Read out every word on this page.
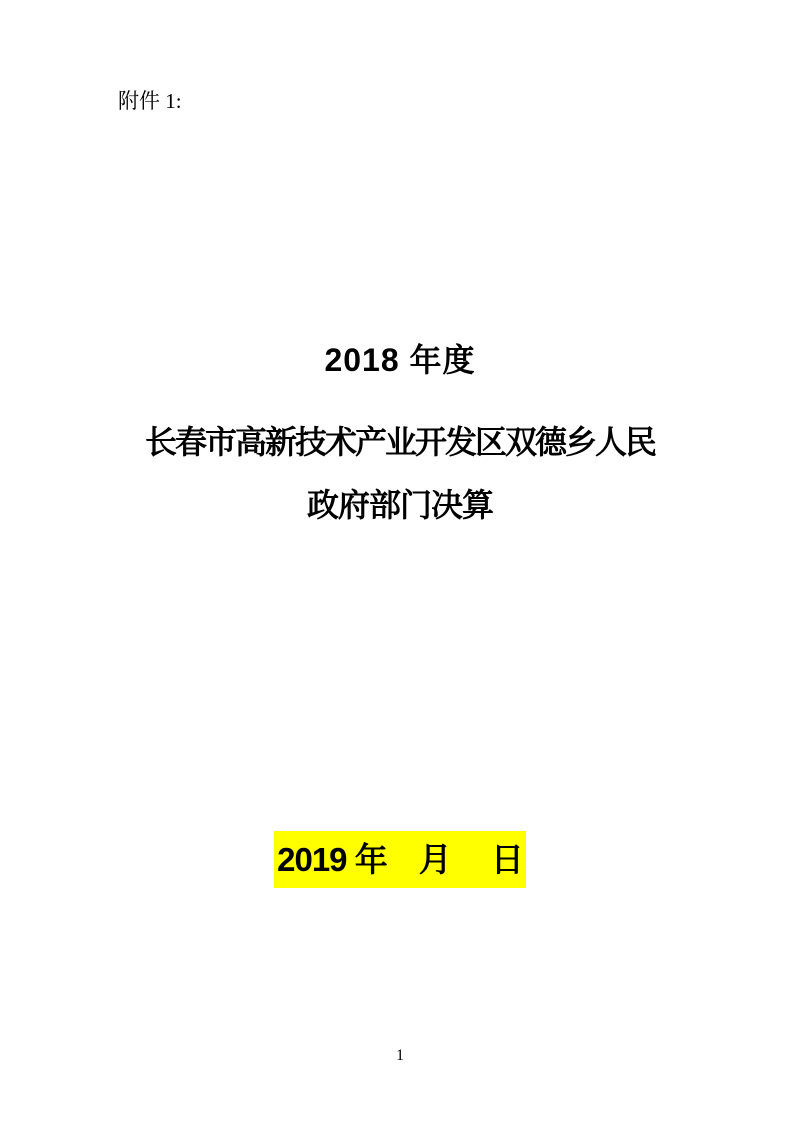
附件 1:
2018 年度
长春市高新技术产业开发区双德乡人民
政府部门决算
2019 年　月　 日
1
